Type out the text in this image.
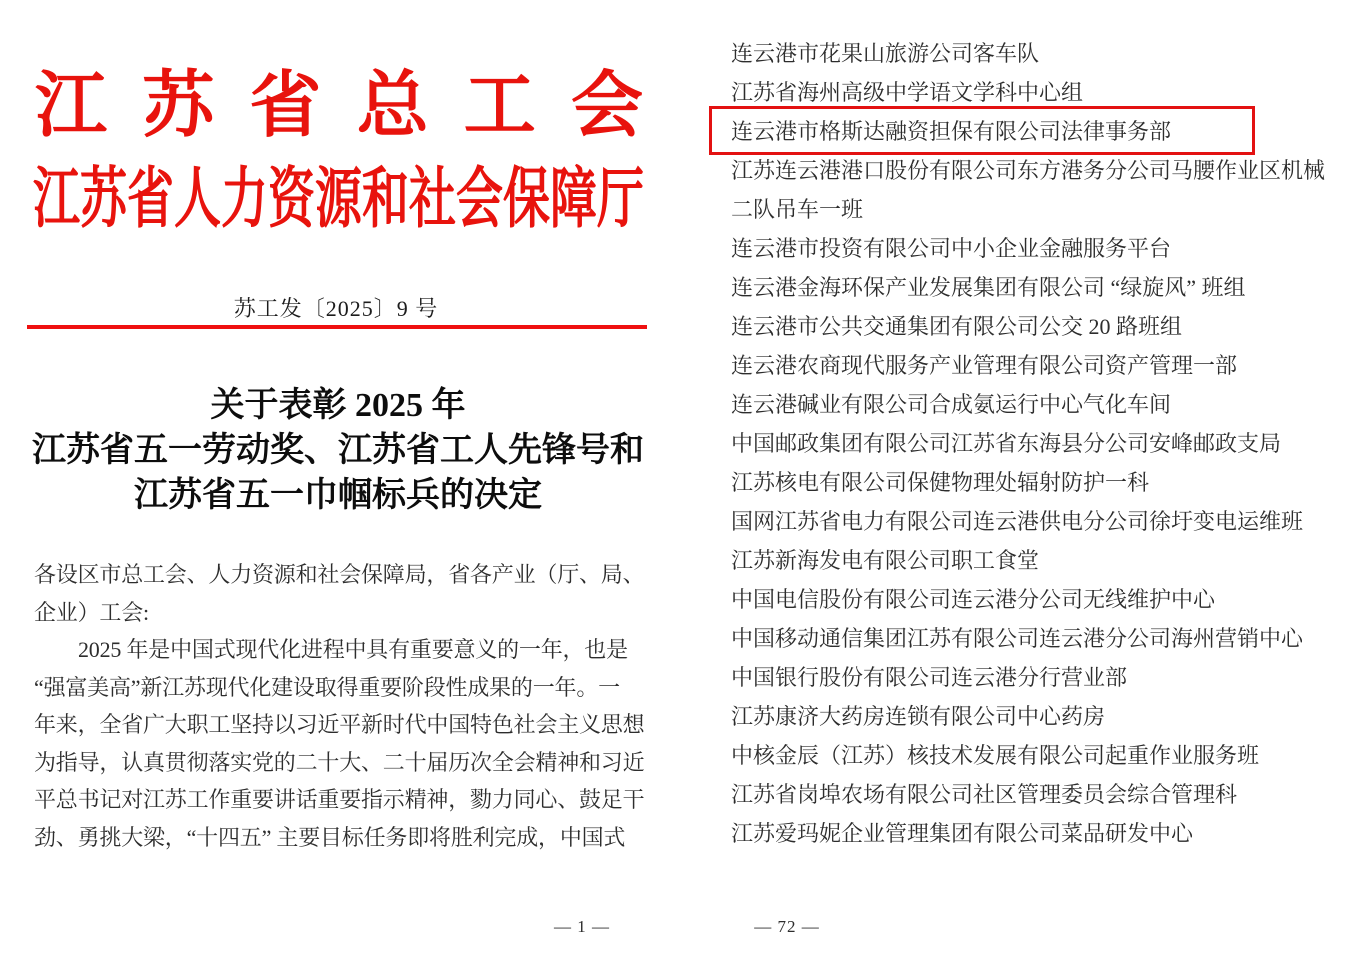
江苏省总工会
江苏省人力资源和社会保障厅
苏工发〔2025〕9 号
关于表彰 2025 年
江苏省五一劳动奖、江苏省工人先锋号和
江苏省五一巾帼标兵的决定
各设区市总工会、人力资源和社会保障局，省各产业（厅、局、
企业）工会:
2025 年是中国式现代化进程中具有重要意义的一年，也是
“强富美高”新江苏现代化建设取得重要阶段性成果的一年。一
年来，全省广大职工坚持以习近平新时代中国特色社会主义思想
为指导，认真贯彻落实党的二十大、二十届历次全会精神和习近
平总书记对江苏工作重要讲话重要指示精神，勠力同心、鼓足干
劲、勇挑大梁，“十四五” 主要目标任务即将胜利完成，中国式
— 1 —
连云港市花果山旅游公司客车队
江苏省海州高级中学语文学科中心组
连云港市格斯达融资担保有限公司法律事务部
江苏连云港港口股份有限公司东方港务分公司马腰作业区机械
二队吊车一班
连云港市投资有限公司中小企业金融服务平台
连云港金海环保产业发展集团有限公司 “绿旋风” 班组
连云港市公共交通集团有限公司公交 20 路班组
连云港农商现代服务产业管理有限公司资产管理一部
连云港碱业有限公司合成氨运行中心气化车间
中国邮政集团有限公司江苏省东海县分公司安峰邮政支局
江苏核电有限公司保健物理处辐射防护一科
国网江苏省电力有限公司连云港供电分公司徐圩变电运维班
江苏新海发电有限公司职工食堂
中国电信股份有限公司连云港分公司无线维护中心
中国移动通信集团江苏有限公司连云港分公司海州营销中心
中国银行股份有限公司连云港分行营业部
江苏康济大药房连锁有限公司中心药房
中核金辰（江苏）核技术发展有限公司起重作业服务班
江苏省岗埠农场有限公司社区管理委员会综合管理科
江苏爱玛妮企业管理集团有限公司菜品研发中心
— 72 —
